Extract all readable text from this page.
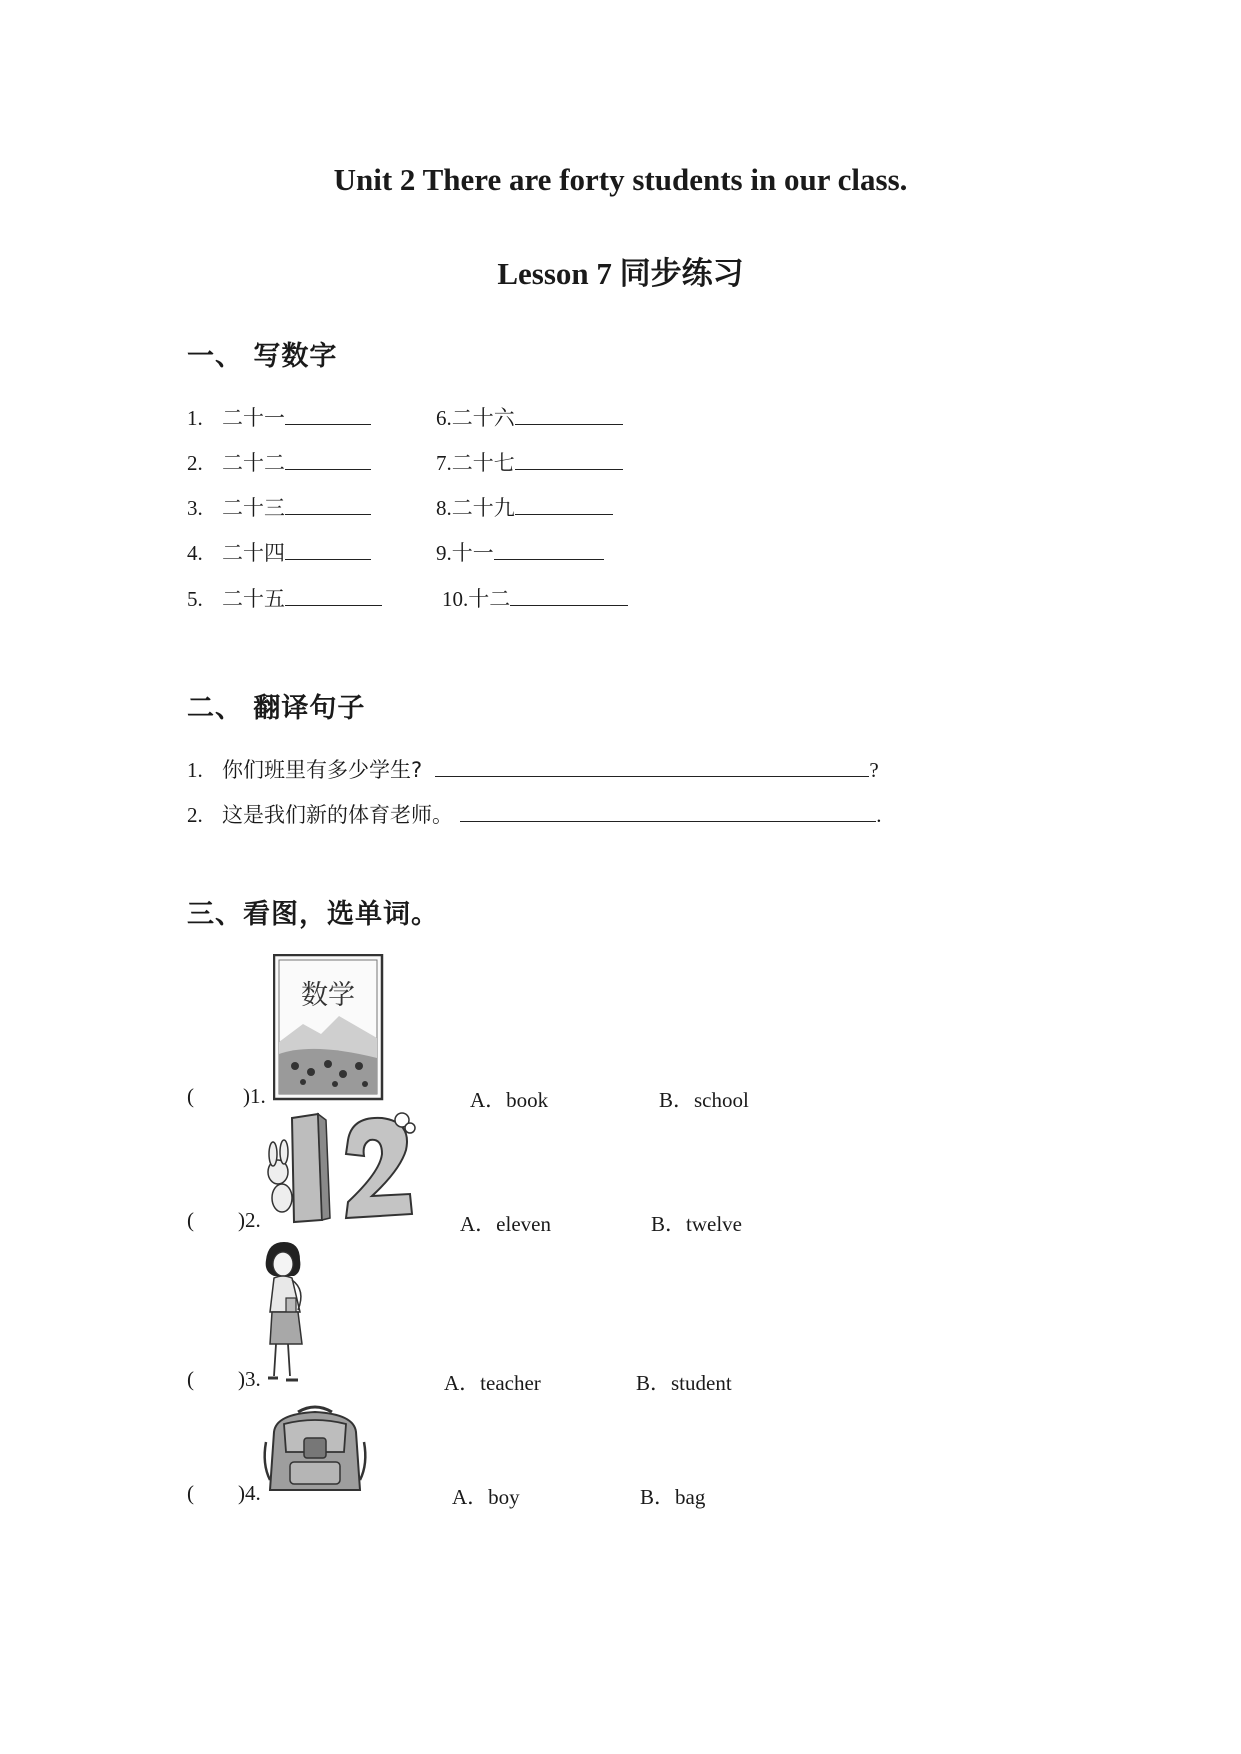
Unit 2 There are forty students in our class.
Lesson 7 同步练习
一、 写数字
1. 二十一
2. 二十二
3. 二十三
4. 二十四
5. 二十五
6.二十六
7.二十七
8.二十九
9.十一
10.十二
二、 翻译句子
1. 你们班里有多少学生?	?
2. 这是我们新的体育老师。	.
三、看图，选单词。
数学
( )1.	A．book	B．school
( )2.	A．eleven	B．twelve
( )3.	A．teacher	B．student
( )4.	A．boy	B．bag
